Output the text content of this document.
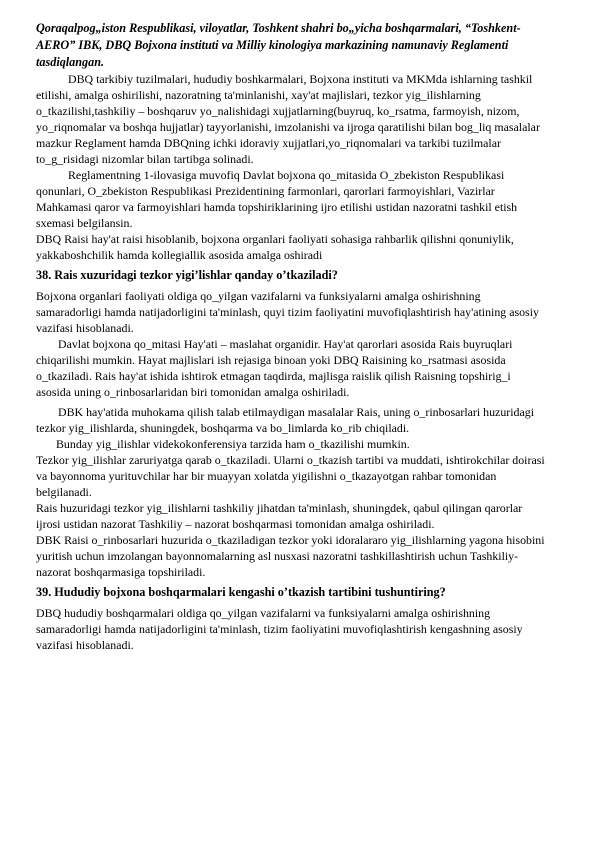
Qoraqalpog„iston Respublikasi, viloyatlar, Toshkent shahri bo„yicha boshqarmalari, “Toshkent-AERO” IBK, DBQ Bojxona instituti va Milliy kinologiya markazining namunaviy Reglamenti tasdiqlangan.

DBQ tarkibiy tuzilmalari, hududiy boshkarmalari, Bojxona instituti va MKMda ishlarning tashkil etilishi, amalga oshirilishi, nazoratning ta'minlanishi, xay'at majlislari, tezkor yig_ilishlarning o_tkazilishi,tashkiliy – boshqaruv yo_nalishidagi xujjatlarning(buyruq, ko_rsatma, farmoyish, nizom, yo_riqnomalar va boshqa hujjatlar) tayyorlanishi, imzolanishi va ijroga qaratilishi bilan bog_liq masalalar mazkur Reglament hamda DBQning ichki idoraviy xujjatlari,yo_riqnomalari va tarkibi tuzilmalar to_g_risidagi nizomlar bilan tartibga solinadi.

Reglamentning 1-ilovasiga muvofiq Davlat bojxona qo_mitasida O_zbekiston Respublikasi qonunlari, O_zbekiston Respublikasi Prezidentining farmonlari, qarorlari farmoyishlari, Vazirlar Mahkamasi qaror va farmoyishlari hamda topshiriklarining ijro etilishi ustidan nazoratni tashkil etish sxemasi belgilansin.

DBQ Raisi hay'at raisi hisoblanib, bojxona organlari faoliyati sohasiga rahbarlik qilishni qonuniylik, yakkaboshchilik hamda kollegiallik asosida amalga oshiradi

38. Rais xuzuridagi tezkor yigi’lishlar qanday o’tkaziladi?

Bojxona organlari faoliyati oldiga qo_yilgan vazifalarni va funksiyalarni amalga oshirishning samaradorligi hamda natijadorligini ta'minlash, quyi tizim faoliyatini muvofiqlashtirish hay'atining asosiy vazifasi hisoblanadi.

Davlat bojxona qo_mitasi Hay'ati – maslahat organidir. Hay'at qarorlari asosida Rais buyruqlari chiqarilishi mumkin. Hayat majlislari ish rejasiga binoan yoki DBQ Raisining ko_rsatmasi asosida o_tkaziladi. Rais hay'at ishida ishtirok etmagan taqdirda, majlisga raislik qilish Raisning topshirig_i asosida uning o_rinbosarlaridan biri tomonidan amalga oshiriladi.

DBK hay'atida muhokama qilish talab etilmaydigan masalalar Rais, uning o_rinbosarlari huzuridagi tezkor yig_ilishlarda, shuningdek, boshqarma va bo_limlarda ko_rib chiqiladi.

Bunday yig_ilishlar videkokonferensiya tarzida ham o_tkazilishi mumkin.

Tezkor yig_ilishlar zaruriyatga qarab o_tkaziladi. Ularni o_tkazish tartibi va muddati, ishtirokchilar doirasi va bayonnoma yurituvchilar har bir muayyan xolatda yigilishni o_tkazayotgan rahbar tomonidan belgilanadi.

Rais huzuridagi tezkor yig_ilishlarni tashkiliy jihatdan ta'minlash, shuningdek, qabul qilingan qarorlar ijrosi ustidan nazorat Tashkiliy – nazorat boshqarmasi tomonidan amalga oshiriladi.

DBK Raisi o_rinbosarlari huzurida o_tkaziladigan tezkor yoki idoralararo yig_ilishlarning yagona hisobini yuritish uchun imzolangan bayonnomalarning asl nusxasi nazoratni tashkillashtirish uchun Tashkiliy- nazorat boshqarmasiga topshiriladi.

39. Hududiy bojxona boshqarmalari kengashi o’tkazish tartibini tushuntiring?

DBQ hududiy boshqarmalari oldiga qo_yilgan vazifalarni va funksiyalarni amalga oshirishning samaradorligi hamda natijadorligini ta'minlash, tizim faoliyatini muvofiqlashtirish kengashning asosiy vazifasi hisoblanadi.
